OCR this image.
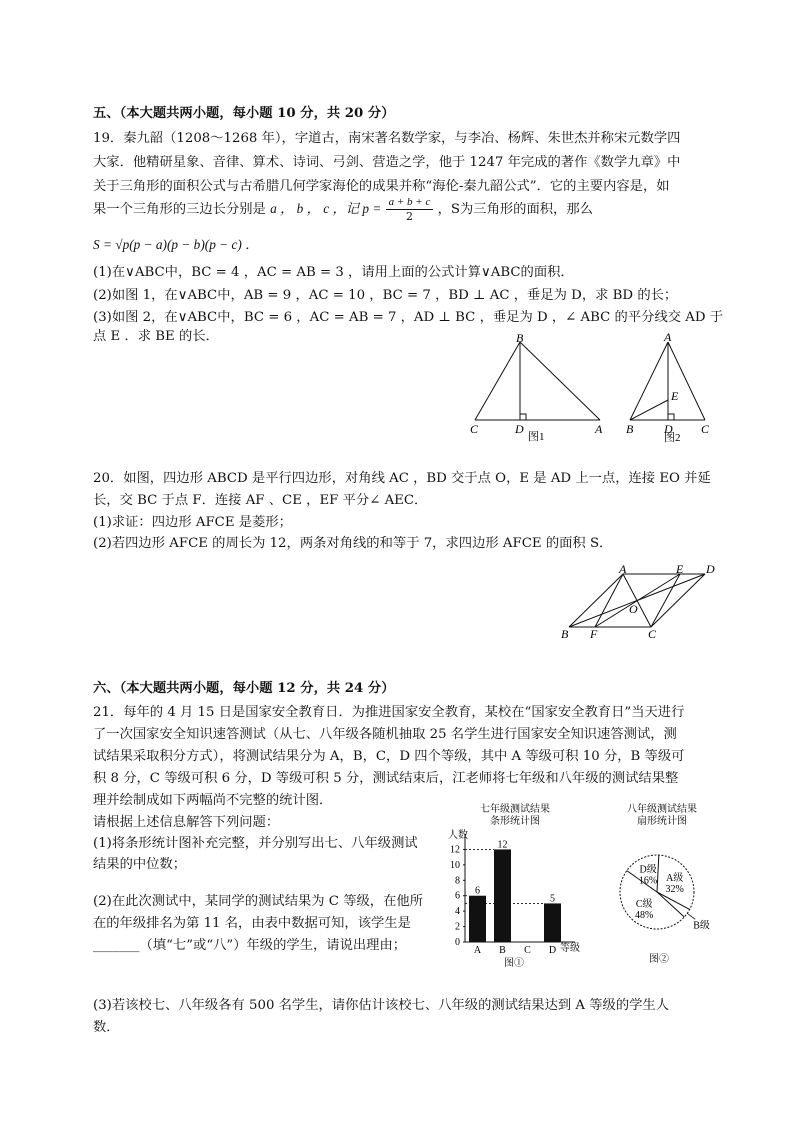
五、（本大题共两小题，每小题 10 分，共 20 分）
19．秦九韶（1208～1268 年），字道古，南宋著名数学家，与李冶、杨辉、朱世杰并称宋元数学四
大家．他精研星象、音律、算术、诗词、弓剑、营造之学，他于 1247 年完成的著作《数学九章》中
关于三角形的面积公式与古希腊几何学家海伦的成果并称“海伦-秦九韶公式”．它的主要内容是，如
果一个三角形的三边长分别是 a ， b ， c ，记 $p = \frac{a + b + c}{2}$ ，S为三角形的面积，那么
S = √p(p − a)(p − b)(p − c) ．
(1)在∨ABC中，BC = 4 ，AC = AB = 3 ，请用上面的公式计算∨ABC的面积．
(2)如图 1，在∨ABC中，AB = 9 ，AC = 10 ，BC = 7 ，BD ⊥ AC ，垂足为 D，求 BD 的长；
(3)如图 2，在∨ABC中，BC = 6 ，AC = AB = 7 ，AD ⊥ BC ，垂足为 D ，∠ ABC 的平分线交 AD 于
点 E ．求 BE 的长．	B
C	D	A
图1
A
E
B	D C
图2
20．如图，四边形 ABCD 是平行四边形，对角线 AC ，BD 交于点 O，E 是 AD 上一点，连接 EO 并延
长，交 BC 于点 F．连接 AF 、CE ，EF 平分∠ AEC．
(1)求证：四边形 AFCE 是菱形；
(2)若四边形 AFCE 的周长为 12，两条对角线的和等于 7，求四边形 AFCE 的面积 S．
A	E D
O
B F	C
六、（本大题共两小题，每小题 12 分，共 24 分）
21．每年的 4 月 15 日是国家安全教育日．为推进国家安全教育，某校在“国家安全教育日”当天进行
了一次国家安全知识速答测试（从七、八年级各随机抽取 25 名学生进行国家安全知识速答测试，测
试结果采取积分方式），将测试结果分为 A，B，C，D 四个等级，其中 A 等级可积 10 分，B 等级可
积 8 分，C 等级可积 6 分，D 等级可积 5 分，测试结束后，江老师将七年级和八年级的测试结果整
理并绘制成如下两幅尚不完整的统计图．
请根据上述信息解答下列问题：
(1)将条形统计图补充完整，并分别写出七、八年级测试
结果的中位数；
(2)在此次测试中，某同学的测试结果为 C 等级，在他所
在的年级排名为第 11 名，由表中数据可知，该学生是
_______（填“七”或“八”）年级的学生，请说出理由；
(3)若该校七、八年级各有 500 名学生，请你估计该校七、八年级的测试结果达到 A 等级的学生人
数．
七年级测试结果
条形统计图
人数
等级
图①
0
2
4
6
8
10
12
6
A
12
B C
5
D
八年级测试结果
扇形统计图
A级
32%
B级
C级
48%
D级
16%
图②
